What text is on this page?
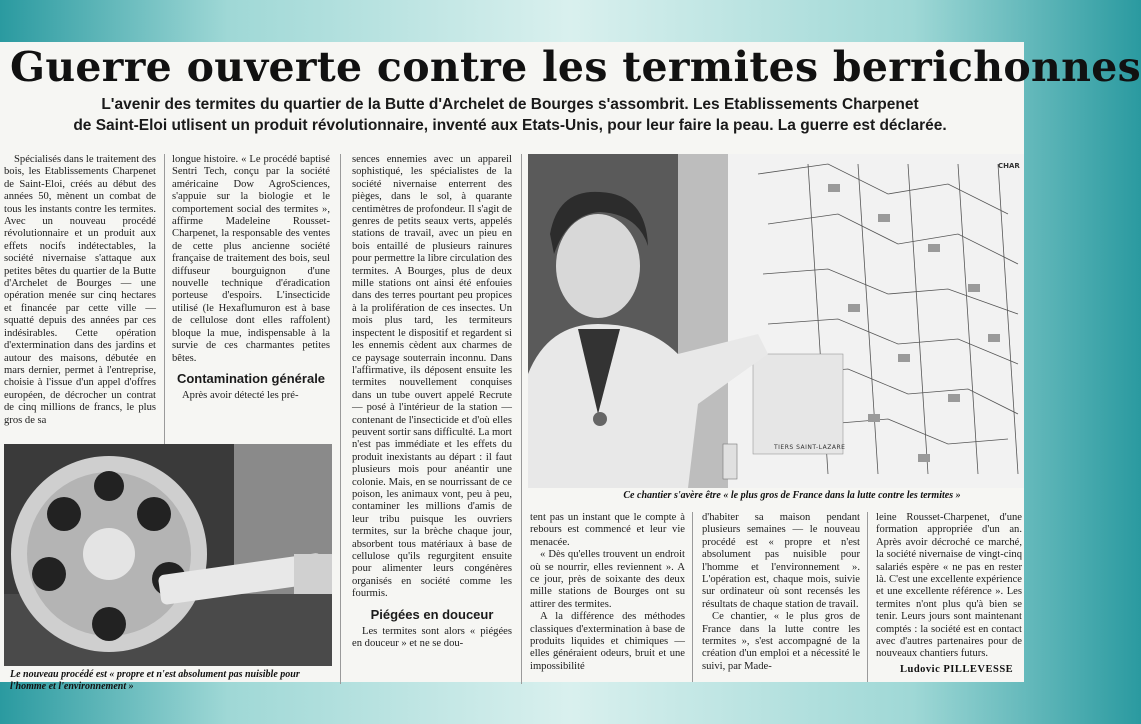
Guerre ouverte contre les termites berrichonnes
L'avenir des termites du quartier de la Butte d'Archelet de Bourges s'assombrit. Les Etablissements Charpenet
de Saint-Eloi utlisent un produit révolutionnaire, inventé aux Etats-Unis, pour leur faire la peau. La guerre est déclarée.

Spécialisés dans le traitement des bois, les Etablissements Charpenet de Saint-Eloi, créés au début des années 50, mènent un combat de tous les instants contre les termites. Avec un nouveau procédé révolutionnaire et un produit aux effets nocifs indétectables, la société nivernaise s'attaque aux petites bêtes du quartier de la Butte d'Archelet de Bourges — une opération menée sur cinq hectares et financée par cette ville — squatté depuis des années par ces indésirables. Cette opération d'extermination dans des jardins et autour des maisons, débutée en mars dernier, permet à l'entreprise, choisie à l'issue d'un appel d'offres européen, de décrocher un contrat de cinq millions de francs, le plus gros de sa

longue histoire. « Le procédé baptisé Sentri Tech, conçu par la société américaine Dow AgroSciences, s'appuie sur la biologie et le comportement social des termites », affirme Madeleine Rousset-Charpenet, la responsable des ventes de cette plus ancienne société française de traitement des bois, seul diffuseur bourguignon d'une nouvelle technique d'éradication porteuse d'espoirs. L'insecticide utilisé (le Hexaflumuron est à base de cellulose dont elles raffolent) bloque la mue, indispensable à la survie de ces charmantes petites bêtes.

Contamination générale

Après avoir détecté les pré-

Le nouveau procédé est « propre et n'est absolument pas nuisible pour l'homme et l'environnement »

sences ennemies avec un appareil sophistiqué, les spécialistes de la société nivernaise enterrent des pièges, dans le sol, à quarante centimètres de profondeur. Il s'agit de genres de petits seaux verts, appelés stations de travail, avec un pieu en bois entaillé de plusieurs rainures pour permettre la libre circulation des termites. A Bourges, plus de deux mille stations ont ainsi été enfouies dans des terres pourtant peu propices à la prolifération de ces insectes. Un mois plus tard, les termiteurs inspectent le dispositif et regardent si les ennemis cèdent aux charmes de ce paysage souterrain inconnu. Dans l'affirmative, ils déposent ensuite les termites nouvellement conquises dans un tube ouvert appelé Recrute — posé à l'intérieur de la station — contenant de l'insecticide et d'où elles peuvent sortir sans difficulté. La mort n'est pas immédiate et les effets du produit inexistants au départ : il faut plusieurs mois pour anéantir une colonie. Mais, en se nourrissant de ce poison, les animaux vont, peu à peu, contaminer les millions d'amis de leur tribu puisque les ouvriers termites, sur la brèche chaque jour, absorbent tous matériaux à base de cellulose qu'ils regurgitent ensuite pour alimenter leurs congénères organisés en société comme les fourmis.

Piégées en douceur

Les termites sont alors « piégées en douceur » et ne se dou-

TIERS SAINT-LAZARE
CHAR
Ce chantier s'avère être « le plus gros de France dans la lutte contre les termites »

tent pas un instant que le compte à rebours est commencé et leur vie menacée.

« Dès qu'elles trouvent un endroit où se nourrir, elles reviennent ». A ce jour, près de soixante des deux mille stations de Bourges ont su attirer des termites.

A la différence des méthodes classiques d'extermination à base de produits liquides et chimiques — elles généraient odeurs, bruit et une impossibilité

d'habiter sa maison pendant plusieurs semaines — le nouveau procédé est « propre et n'est absolument pas nuisible pour l'homme et l'environnement ». L'opération est, chaque mois, suivie sur ordinateur où sont recensés les résultats de chaque station de travail.

Ce chantier, « le plus gros de France dans la lutte contre les termites », s'est accompagné de la création d'un emploi et a nécessité le suivi, par Made-

leine Rousset-Charpenet, d'une formation appropriée d'un an. Après avoir décroché ce marché, la société nivernaise de vingt-cinq salariés espère « ne pas en rester là. C'est une excellente expérience et une excellente référence ». Les termites n'ont plus qu'à bien se tenir. Leurs jours sont maintenant comptés : la société est en contact avec d'autres partenaires pour de nouveaux chantiers futurs.

Ludovic PILLEVESSE
